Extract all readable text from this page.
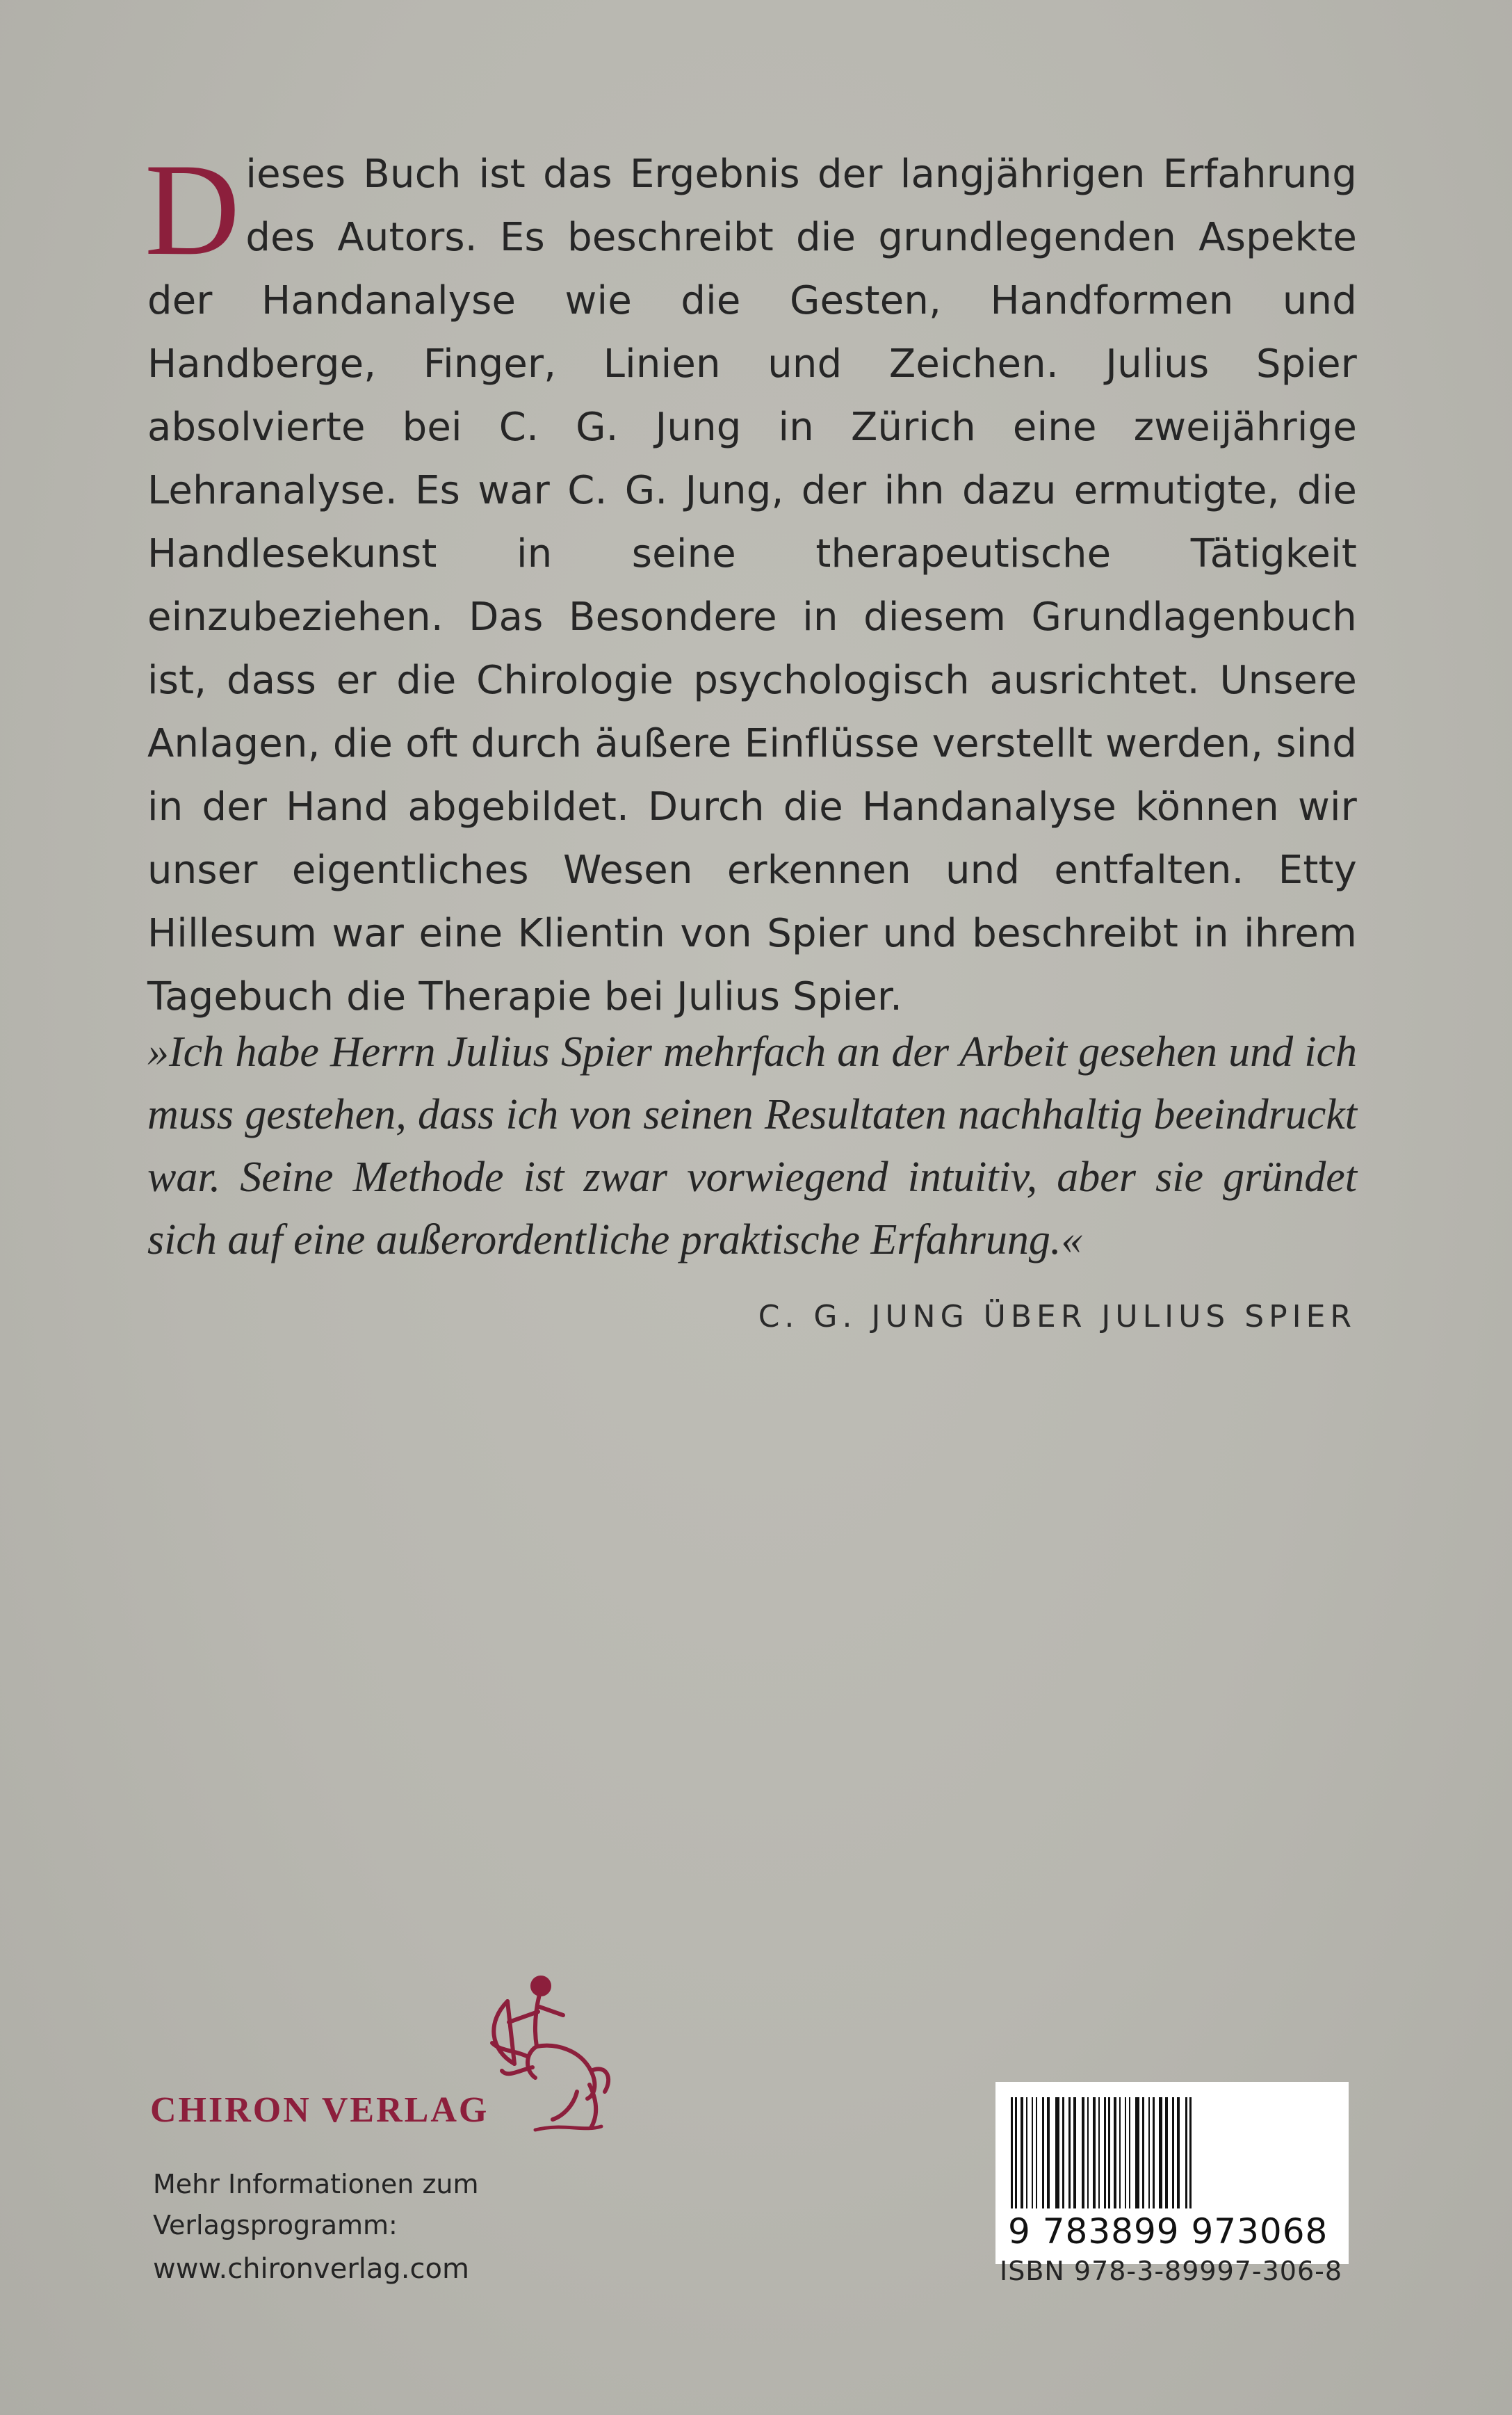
D ieses Buch ist das Ergebnis der langjährigen Erfahrung des Autors. Es beschreibt die grundlegenden Aspekte der Handanalyse wie die Gesten, Handformen und Handberge, Finger, Linien und Zeichen. Julius Spier absolvierte bei C. G. Jung in Zürich eine zweijährige Lehranalyse. Es war C. G. Jung, der ihn dazu ermutigte, die Handlesekunst in seine therapeutische Tätigkeit einzubeziehen. Das Besondere in diesem Grundlagenbuch ist, dass er die Chirologie psychologisch ausrichtet. Unsere Anlagen, die oft durch äußere Einflüsse verstellt werden, sind in der Hand abgebildet. Durch die Handanalyse können wir unser eigentliches Wesen erkennen und entfalten. Etty Hillesum war eine Klientin von Spier und beschreibt in ihrem Tagebuch die Therapie bei Julius Spier.
»Ich habe Herrn Julius Spier mehrfach an der Arbeit gesehen und ich muss gestehen, dass ich von seinen Resultaten nachhaltig beeindruckt war. Seine Methode ist zwar vorwiegend intuitiv, aber sie gründet sich auf eine außerordentliche praktische Erfahrung.«
C. G. JUNG ÜBER JULIUS SPIER
CHIRON VERLAG
Mehr Informationen zum
Verlagsprogramm:
www.chironverlag.com
9 783899 973068
ISBN 978-3-89997-306-8
